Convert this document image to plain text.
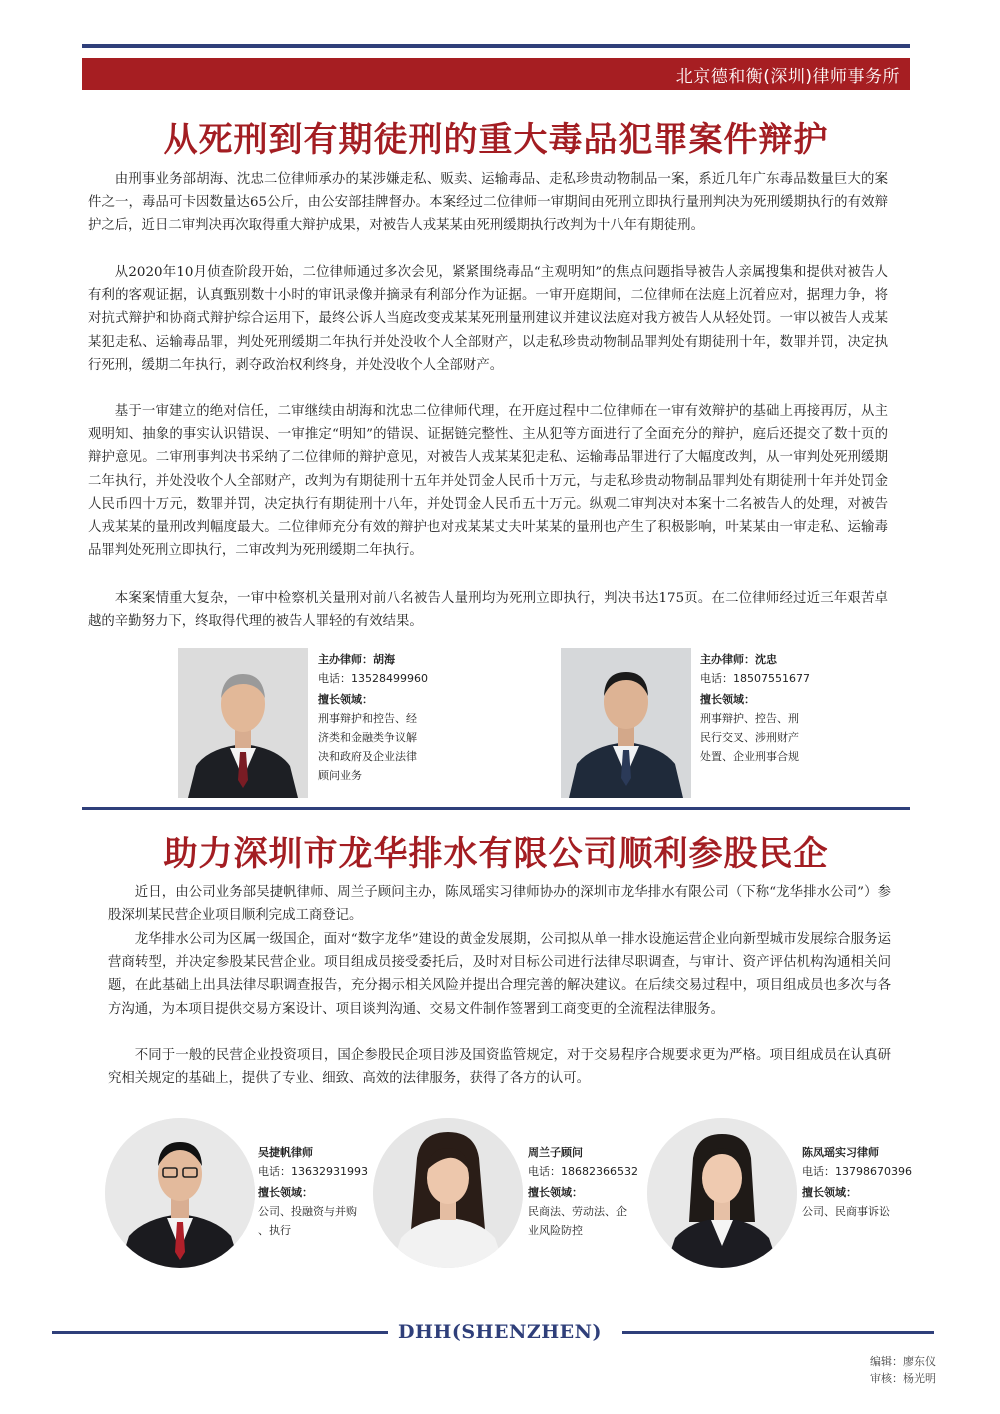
北京德和衡(深圳)律师事务所
从死刑到有期徒刑的重大毒品犯罪案件辩护

由刑事业务部胡海、沈忠二位律师承办的某涉嫌走私、贩卖、运输毒品、走私珍贵动物制品一案，系近几年广东毒品数量巨大的案件之一，毒品可卡因数量达65公斤，由公安部挂牌督办。本案经过二位律师一审期间由死刑立即执行量刑判决为死刑缓期执行的有效辩护之后，近日二审判决再次取得重大辩护成果，对被告人戎某某由死刑缓期执行改判为十八年有期徒刑。

从2020年10月侦查阶段开始，二位律师通过多次会见，紧紧围绕毒品“主观明知”的焦点问题指导被告人亲属搜集和提供对被告人有利的客观证据，认真甄别数十小时的审讯录像并摘录有利部分作为证据。一审开庭期间，二位律师在法庭上沉着应对，据理力争，将对抗式辩护和协商式辩护综合运用下，最终公诉人当庭改变戎某某死刑量刑建议并建议法庭对我方被告人从轻处罚。一审以被告人戎某某犯走私、运输毒品罪，判处死刑缓期二年执行并处没收个人全部财产，以走私珍贵动物制品罪判处有期徒刑十年，数罪并罚，决定执行死刑，缓期二年执行，剥夺政治权利终身，并处没收个人全部财产。

基于一审建立的绝对信任，二审继续由胡海和沈忠二位律师代理，在开庭过程中二位律师在一审有效辩护的基础上再接再厉，从主观明知、抽象的事实认识错误、一审推定“明知”的错误、证据链完整性、主从犯等方面进行了全面充分的辩护，庭后还提交了数十页的辩护意见。二审刑事判决书采纳了二位律师的辩护意见，对被告人戎某某犯走私、运输毒品罪进行了大幅度改判，从一审判处死刑缓期二年执行，并处没收个人全部财产，改判为有期徒刑十五年并处罚金人民币十万元，与走私珍贵动物制品罪判处有期徒刑十年并处罚金人民币四十万元，数罪并罚，决定执行有期徒刑十八年，并处罚金人民币五十万元。纵观二审判决对本案十二名被告人的处理，对被告人戎某某的量刑改判幅度最大。二位律师充分有效的辩护也对戎某某丈夫叶某某的量刑也产生了积极影响，叶某某由一审走私、运输毒品罪判处死刑立即执行，二审改判为死刑缓期二年执行。

本案案情重大复杂，一审中检察机关量刑对前八名被告人量刑均为死刑立即执行，判决书达175页。在二位律师经过近三年艰苦卓越的辛勤努力下，终取得代理的被告人罪轻的有效结果。

主办律师：胡海
电话：13528499960
擅长领域：
刑事辩护和控告、经
济类和金融类争议解
决和政府及企业法律
顾问业务
主办律师：沈忠
电话：18507551677
擅长领域：
刑事辩护、控告、刑
民行交叉、涉刑财产
处置、企业刑事合规
助力深圳市龙华排水有限公司顺利参股民企

近日，由公司业务部吴捷帆律师、周兰子顾问主办，陈凤瑶实习律师协办的深圳市龙华排水有限公司（下称“龙华排水公司”）参股深圳某民营企业项目顺利完成工商登记。

龙华排水公司为区属一级国企，面对“数字龙华”建设的黄金发展期，公司拟从单一排水设施运营企业向新型城市发展综合服务运营商转型，并决定参股某民营企业。项目组成员接受委托后，及时对目标公司进行法律尽职调查，与审计、资产评估机构沟通相关问题，在此基础上出具法律尽职调查报告，充分揭示相关风险并提出合理完善的解决建议。在后续交易过程中，项目组成员也多次与各方沟通，为本项目提供交易方案设计、项目谈判沟通、交易文件制作签署到工商变更的全流程法律服务。

不同于一般的民营企业投资项目，国企参股民企项目涉及国资监管规定，对于交易程序合规要求更为严格。项目组成员在认真研究相关规定的基础上，提供了专业、细致、高效的法律服务，获得了各方的认可。

吴捷帆律师
电话：13632931993
擅长领域：
公司、投融资与并购
、执行
周兰子顾问
电话：18682366532
擅长领域：
民商法、劳动法、企
业风险防控
陈凤瑶实习律师
电话：13798670396
擅长领域：
公司、民商事诉讼
DHH(SHENZHEN)
编辑：廖东仪
审核：杨光明
